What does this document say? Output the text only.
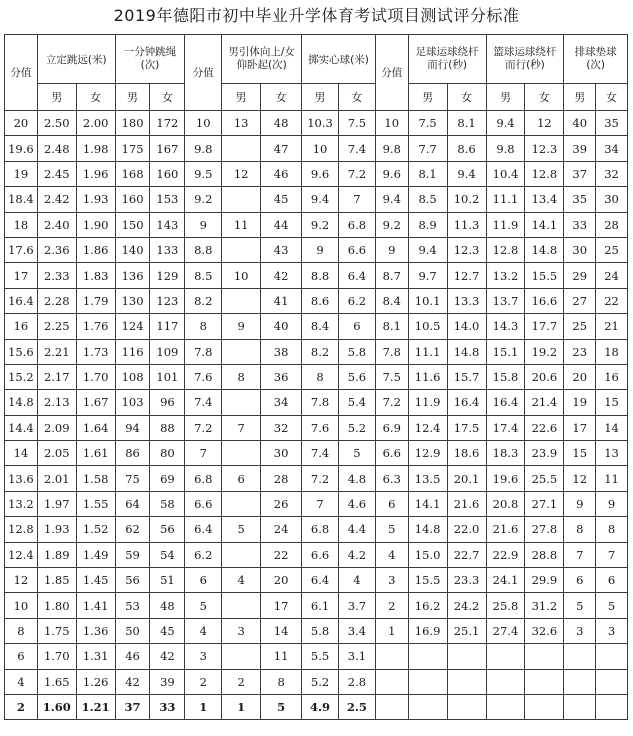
2019年德阳市初中毕业升学体育考试项目测试评分标准
分值	立定跳远(米)		一分钟跳绳(次)		分值	男引体向上/女仰卧起(次)		掷实心球(米)		分值	足球运球绕杆而行(秒)		篮球运球绕杆而行(秒)		排球垫球(次)	
	男	女	男	女		男	女	男	女		男	女	男	女	男	女
20	2.50	2.00	180	172	10	13	48	10.3	7.5	10	7.5	8.1	9.4	12	40	35
19.6	2.48	1.98	175	167	9.8		47	10	7.4	9.8	7.7	8.6	9.8	12.3	39	34
19	2.45	1.96	168	160	9.5	12	46	9.6	7.2	9.6	8.1	9.4	10.4	12.8	37	32
18.4	2.42	1.93	160	153	9.2		45	9.4	7	9.4	8.5	10.2	11.1	13.4	35	30
18	2.40	1.90	150	143	9	11	44	9.2	6.8	9.2	8.9	11.3	11.9	14.1	33	28
17.6	2.36	1.86	140	133	8.8		43	9	6.6	9	9.4	12.3	12.8	14.8	30	25
17	2.33	1.83	136	129	8.5	10	42	8.8	6.4	8.7	9.7	12.7	13.2	15.5	29	24
16.4	2.28	1.79	130	123	8.2		41	8.6	6.2	8.4	10.1	13.3	13.7	16.6	27	22
16	2.25	1.76	124	117	8	9	40	8.4	6	8.1	10.5	14.0	14.3	17.7	25	21
15.6	2.21	1.73	116	109	7.8		38	8.2	5.8	7.8	11.1	14.8	15.1	19.2	23	18
15.2	2.17	1.70	108	101	7.6	8	36	8	5.6	7.5	11.6	15.7	15.8	20.6	20	16
14.8	2.13	1.67	103	96	7.4		34	7.8	5.4	7.2	11.9	16.4	16.4	21.4	19	15
14.4	2.09	1.64	94	88	7.2	7	32	7.6	5.2	6.9	12.4	17.5	17.4	22.6	17	14
14	2.05	1.61	86	80	7		30	7.4	5	6.6	12.9	18.6	18.3	23.9	15	13
13.6	2.01	1.58	75	69	6.8	6	28	7.2	4.8	6.3	13.5	20.1	19.6	25.5	12	11
13.2	1.97	1.55	64	58	6.6		26	7	4.6	6	14.1	21.6	20.8	27.1	9	9
12.8	1.93	1.52	62	56	6.4	5	24	6.8	4.4	5	14.8	22.0	21.6	27.8	8	8
12.4	1.89	1.49	59	54	6.2		22	6.6	4.2	4	15.0	22.7	22.9	28.8	7	7
12	1.85	1.45	56	51	6	4	20	6.4	4	3	15.5	23.3	24.1	29.9	6	6
10	1.80	1.41	53	48	5		17	6.1	3.7	2	16.2	24.2	25.8	31.2	5	5
8	1.75	1.36	50	45	4	3	14	5.8	3.4	1	16.9	25.1	27.4	32.6	3	3
6	1.70	1.31	46	42	3		11	5.5	3.1							
4	1.65	1.26	42	39	2	2	8	5.2	2.8							
2	1.60	1.21	37	33	1	1	5	4.9	2.5							
